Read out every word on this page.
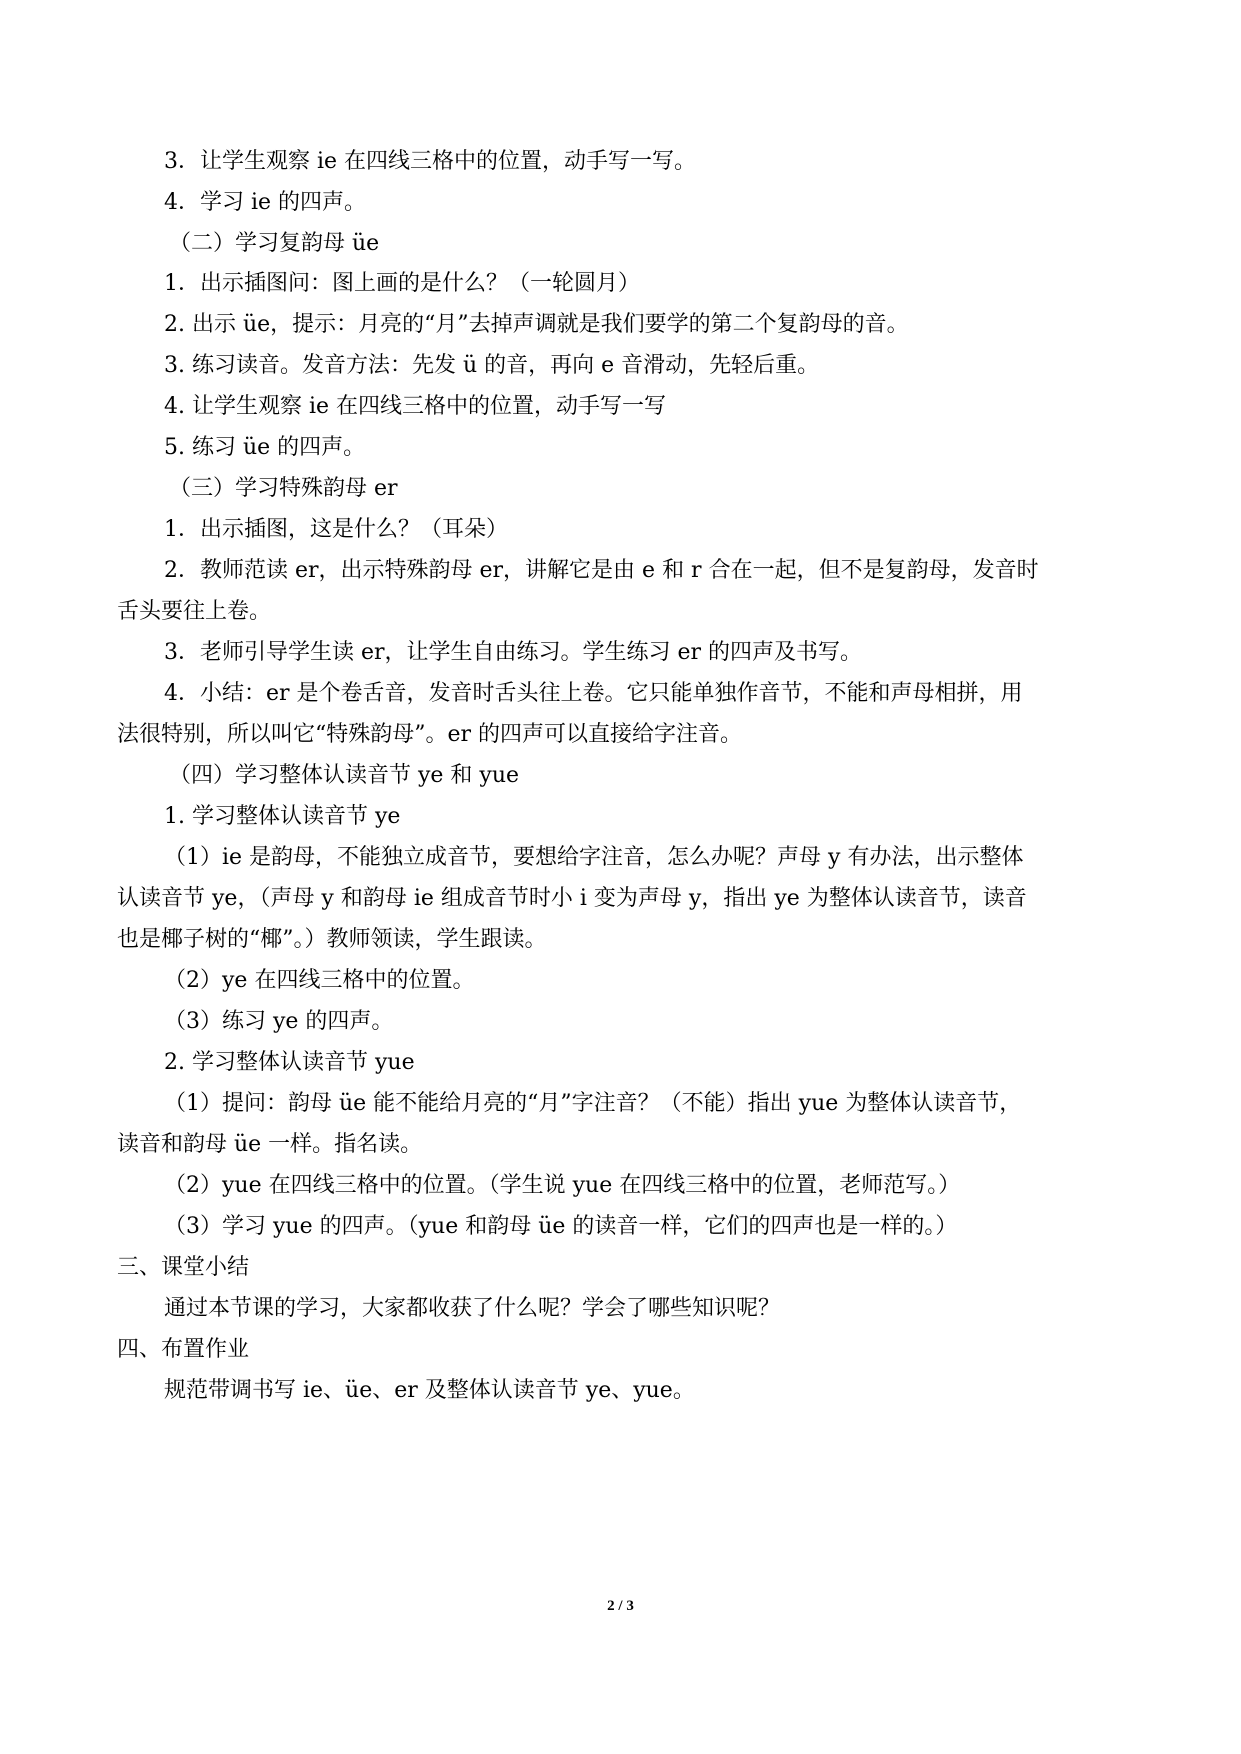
3．让学生观察 ie 在四线三格中的位置，动手写一写。
4．学习 ie 的四声。
（二）学习复韵母 üe
1．出示插图问：图上画的是什么？（一轮圆月）
2. 出示 üe，提示：月亮的“月”去掉声调就是我们要学的第二个复韵母的音。
3. 练习读音。发音方法：先发 ü 的音，再向 e 音滑动，先轻后重。
4. 让学生观察 ie 在四线三格中的位置，动手写一写
5. 练习 üe 的四声。
（三）学习特殊韵母 er
1．出示插图，这是什么？（耳朵）
2．教师范读 er，出示特殊韵母 er，讲解它是由 e 和 r 合在一起，但不是复韵母，发音时
舌头要往上卷。
3．老师引导学生读 er，让学生自由练习。学生练习 er 的四声及书写。
4．小结：er 是个卷舌音，发音时舌头往上卷。它只能单独作音节，不能和声母相拼，用
法很特别，所以叫它“特殊韵母”。er 的四声可以直接给字注音。
（四）学习整体认读音节 ye 和 yue
1. 学习整体认读音节 ye
（1）ie 是韵母，不能独立成音节，要想给字注音，怎么办呢？声母 y 有办法，出示整体
认读音节 ye，（声母 y 和韵母 ie 组成音节时小 i 变为声母 y，指出 ye 为整体认读音节，读音
也是椰子树的“椰”。）教师领读，学生跟读。
（2）ye 在四线三格中的位置。
（3）练习 ye 的四声。
2. 学习整体认读音节 yue
（1）提问：韵母 üe 能不能给月亮的“月”字注音？（不能）指出 yue 为整体认读音节，
读音和韵母 üe 一样。指名读。
（2）yue 在四线三格中的位置。（学生说 yue 在四线三格中的位置，老师范写。）
（3）学习 yue 的四声。（yue 和韵母 üe 的读音一样，它们的四声也是一样的。）
三、课堂小结
通过本节课的学习，大家都收获了什么呢？学会了哪些知识呢？
四、布置作业
规范带调书写 ie、üe、er 及整体认读音节 ye、yue。
2 / 3
